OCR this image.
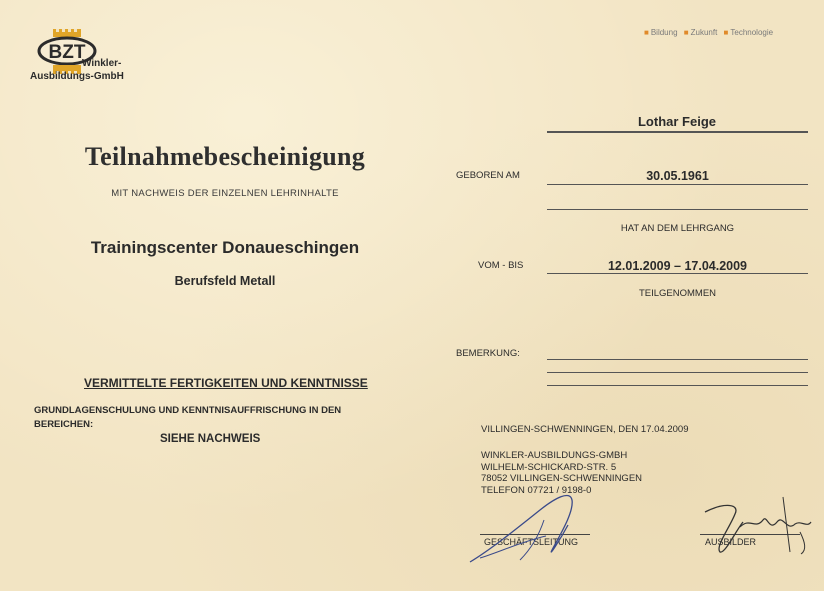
BZT
Winkler-
Ausbildungs-GmbH
■ Bildung ■ Zukunft ■ Technologie
Teilnahmebescheinigung
MIT NACHWEIS DER EINZELNEN LEHRINHALTE
Trainingscenter Donaueschingen
Berufsfeld Metall
VERMITTELTE FERTIGKEITEN UND KENNTNISSE
GRUNDLAGENSCHULUNG UND KENNTNISAUFFRISCHUNG IN DEN BEREICHEN:
SIEHE NACHWEIS
Lothar Feige
GEBOREN AM	30.05.1961
HAT AN DEM LEHRGANG
VOM - BIS	12.01.2009 – 17.04.2009
TEILGENOMMEN
BEMERKUNG:
VILLINGEN-SCHWENNINGEN, DEN 17.04.2009
WINKLER-AUSBILDUNGS-GMBH
WILHELM-SCHICKARD-STR. 5
78052 VILLINGEN-SCHWENNINGEN
TELEFON 07721 / 9198-0
GESCHÄFTSLEITUNG	AUSBILDER
